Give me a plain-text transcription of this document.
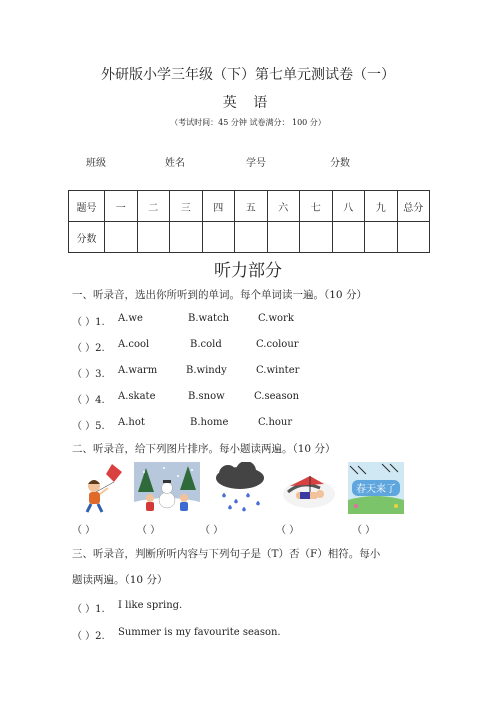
外研版小学三年级（下）第七单元测试卷（一）
英 语
（考试时间：45 分钟 试卷满分： 100 分）
班级	姓名	学号	分数
题号	一	二	三	四	五	六	七	八	九	总分
分数										
听力部分
一、听录音，选出你所听到的单词。每个单词读一遍。（10 分）
（ ）1. A.we	B.watch	C.work
（ ）2. A.cool	B.cold	C.colour
（ ）3. A.warm	B.windy	C.winter
（ ）4. A.skate	B.snow	C.season
（ ）5. A.hot	B.home	C.hour
二、听录音，给下列图片排序。每小题读两遍。（10 分）
春天来了
（ ）	（ ）	（ ）	（ ）	（ ）
三、听录音，判断所听内容与下列句子是（T）否（F）相符。每小
题读两遍。（10 分）
（ ）1. I like spring.
（ ）2. Summer is my favourite season.
